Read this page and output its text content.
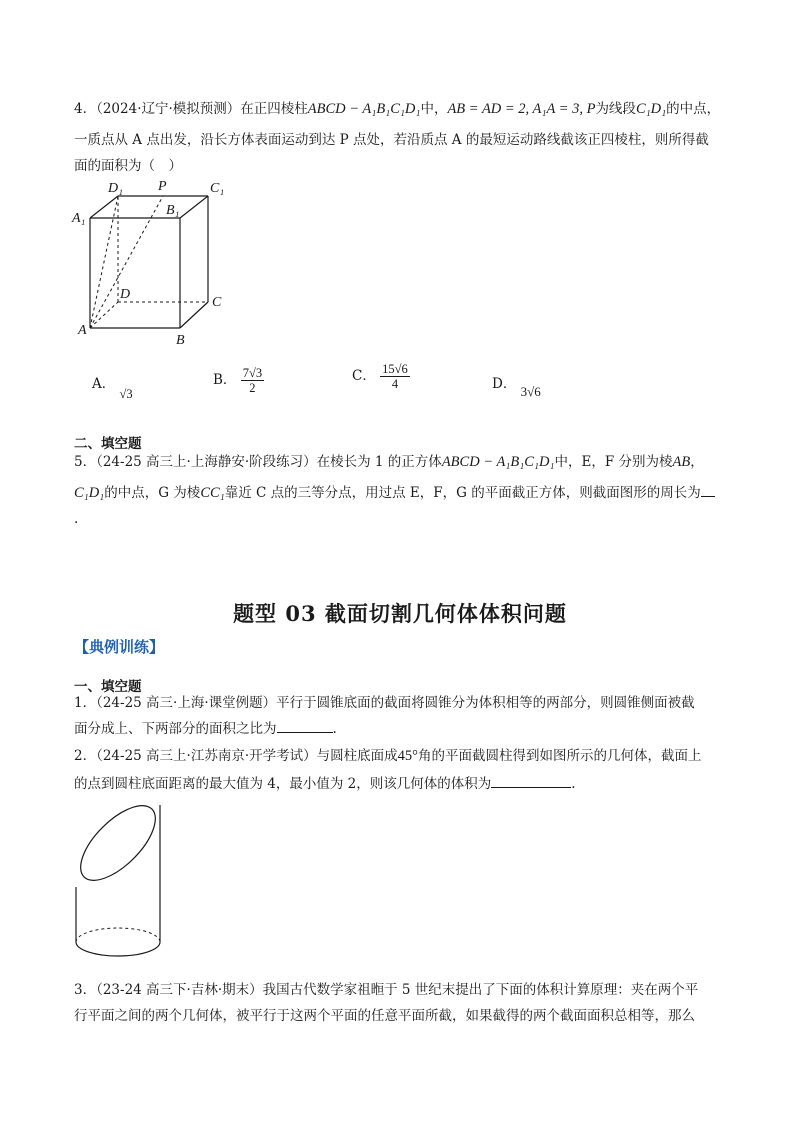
4．（2024·辽宁·模拟预测）在正四棱柱ABCD − A₁B₁C₁D₁中，AB = AD = 2, A₁A = 3, P为线段C₁D₁的中点，
一质点从 A 点出发，沿长方体表面运动到达 P 点处，若沿质点 A 的最短运动路线截该正四棱柱，则所得截
面的面积为（　）
D₁	P	C₁
A₁
B₁
D
C
A
B
A． √3
B． $\frac{7√3}{2}$	C． $\frac{15√6}{4}$	D． 3√6
二、填空题
5．（24-25 高三上·上海静安·阶段练习）在棱长为 1 的正方体ABCD − A₁B₁C₁D₁中，E，F 分别为棱AB，
C₁D₁的中点，G 为棱CC₁靠近 C 点的三等分点，用过点 E，F，G 的平面截正方体，则截面图形的周长为
.
题型 03 截面切割几何体体积问题
【典例训练】
一、填空题
1．（24-25 高三·上海·课堂例题）平行于圆锥底面的截面将圆锥分为体积相等的两部分，则圆锥侧面被截
面分成上、下两部分的面积之比为	.
2．（24-25 高三上·江苏南京·开学考试）与圆柱底面成45°角的平面截圆柱得到如图所示的几何体，截面上
的点到圆柱底面距离的最大值为 4，最小值为 2，则该几何体的体积为	.
3．（23-24 高三下·吉林·期末）我国古代数学家祖暅于 5 世纪末提出了下面的体积计算原理：夹在两个平
行平面之间的两个几何体，被平行于这两个平面的任意平面所截，如果截得的两个截面面积总相等，那么
